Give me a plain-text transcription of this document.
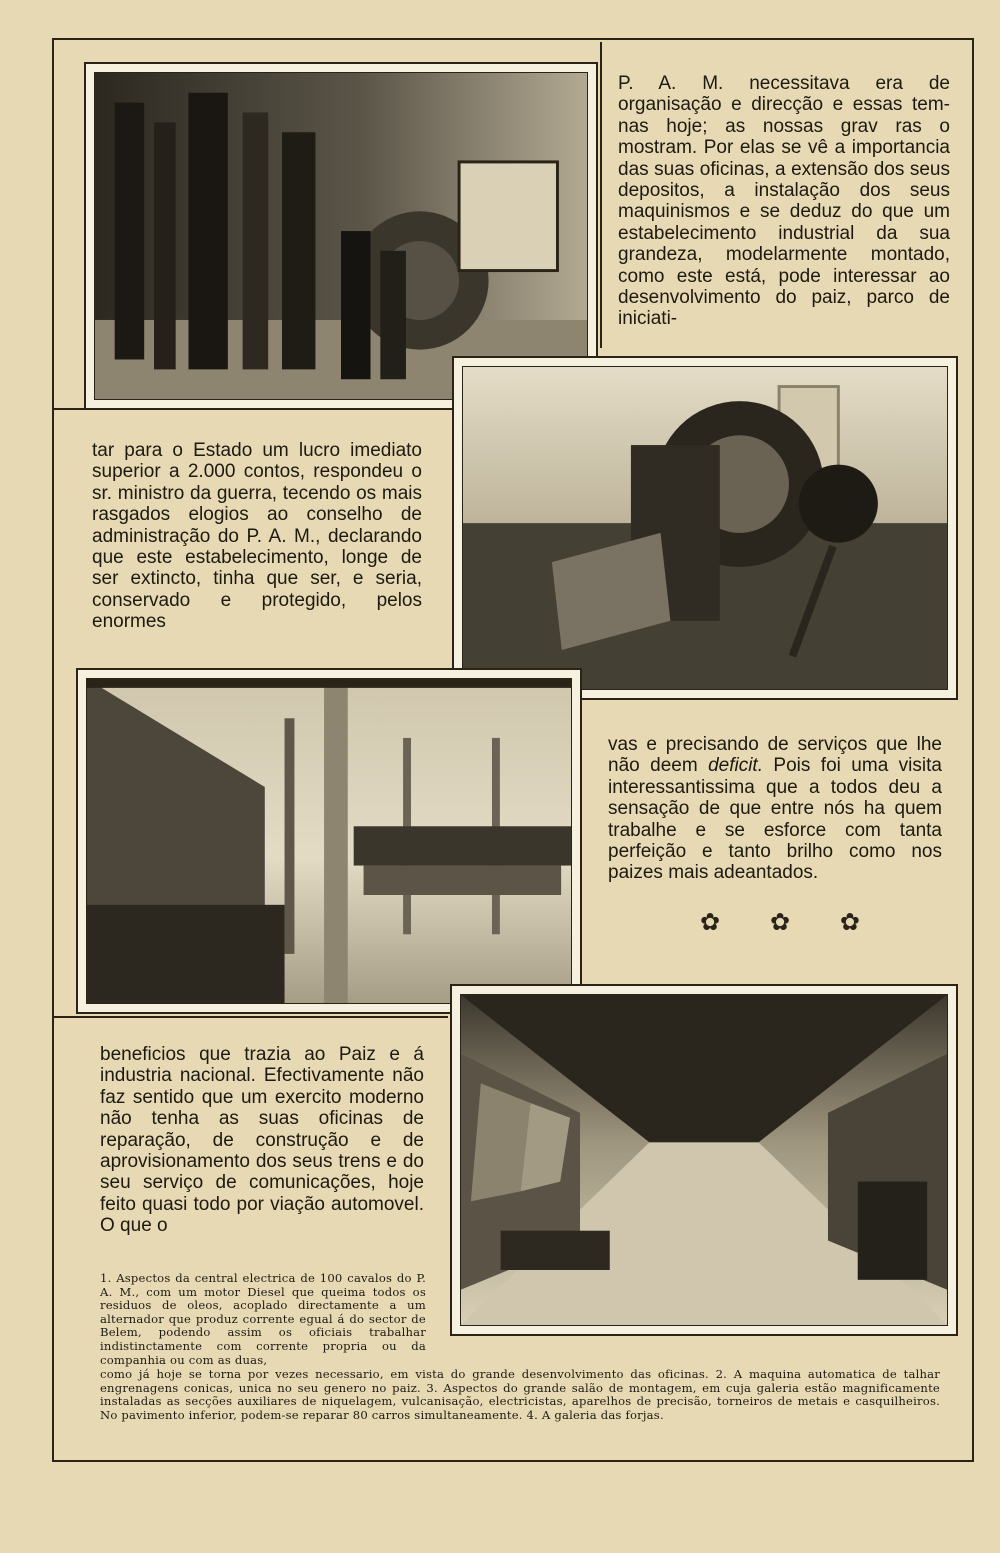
P. A. M. necessitava era de organisação e direcção e essas tem-nas hoje; as nossas grav ras o mostram. Por elas se vê a importancia das suas oficinas, a extensão dos seus depositos, a instalação dos seus maquinismos e se deduz do que um estabelecimento industrial da sua grandeza, modelarmente montado, como este está, pode interessar ao desenvolvimento do paiz, parco de iniciati-

tar para o Estado um lucro imediato superior a 2.000 contos, respondeu o sr. ministro da guerra, tecendo os mais rasgados elogios ao conselho de administração do P. A. M., declarando que este estabelecimento, longe de ser extincto, tinha que ser, e seria, conservado e protegido, pelos enormes

vas e precisando de serviços que lhe não deem deficit. Pois foi uma visita interessantissima que a todos deu a sensação de que entre nós ha quem trabalhe e se esforce com tanta perfeição e tanto brilho como nos paizes mais adeantados.

✿ ✿ ✿

beneficios que trazia ao Paiz e á industria nacional. Efectivamente não faz sentido que um exercito moderno não tenha as suas oficinas de reparação, de construção e de aprovisionamento dos seus trens e do seu serviço de comunicações, hoje feito quasi todo por viação automovel. O que o

1. Aspectos da central electrica de 100 cavalos do P. A. M., com um motor Diesel que queima todos os residuos de oleos, acoplado directamente a um alternador que produz corrente egual á do sector de Belem, podendo assim os oficiais trabalhar indistinctamente com corrente propria ou da companhia ou com as duas,

como já hoje se torna por vezes necessario, em vista do grande desenvolvimento das oficinas. 2. A maquina automatica de talhar engrenagens conicas, unica no seu genero no paiz. 3. Aspectos do grande salão de montagem, em cuja galeria estão magnificamente instaladas as secções auxiliares de niquelagem, vulcanisação, electricistas, aparelhos de precisão, torneiros de metais e casquilheiros. No pavimento inferior, podem-se reparar 80 carros simultaneamente. 4. A galeria das forjas.
